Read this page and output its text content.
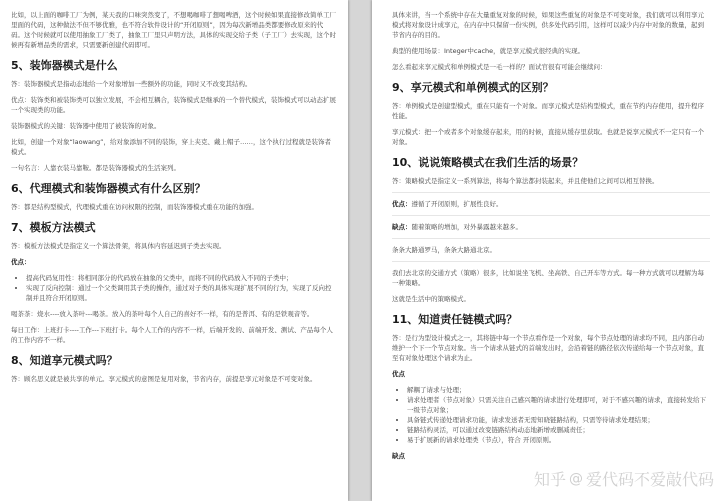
比如，以上面的咖啡工厂为例，某天我的口味突然变了，不想喝咖啡了想喝啤酒，这个时候如果直接修改简单工厂里面的代码，这种做法不但不够优雅，也不符合软件设计的“开闭原则”，因为每次新增品类都要修改原来的代码。这个时候就可以使用抽象工厂类了，抽象工厂里只声明方法，具体的实现交给子类（子工厂）去实现，这个时候再有新增品类的需求，只需要新创建代码即可。

5、装饰器模式是什么

答：装饰器模式是指动态地给一个对象增加一些额外的功能，同时又不改变其结构。

优点：装饰类和被装饰类可以独立发展，不会相互耦合，装饰模式是继承的一个替代模式，装饰模式可以动态扩展一个实现类的功能。

装饰器模式的关键：装饰器中使用了被装饰的对象。

比如，创建一个对象“laowang”，给对象添加不同的装饰，穿上夹克、戴上帽子……，这个执行过程就是装饰者模式。

一句名言：人靠衣装马靠鞍。都是装饰器模式的生活案列。

6、代理模式和装饰器模式有什么区别？

答：都是结构型模式，代理模式重在访问权限的控制，而装饰器模式重在功能的加强。

7、模板方法模式

答：模板方法模式是指定义一个算法骨架，将具体内容延迟到子类去实现。

优点：

• 提高代码复用性：将相同部分的代码放在抽象的父类中，而将不同的代码放入不同的子类中；
• 实现了反向控制：通过一个父类调用其子类的操作，通过对子类的具体实现扩展不同的行为，实现了反向控制并且符合开闭原则。

喝茶茶：烧水----放入茶叶---喝茶。放入的茶叶每个人自己的喜好不一样，有的是普洱、有的是铁观音等。

每日工作：上班打卡----工作---下班打卡。每个人工作的内容不一样，后端开发的、前端开发、测试、产品每个人的工作内容不一样。

8、知道享元模式吗？

答：顾名思义就是被共享的单元。享元模式的意图是复用对象，节省内存，前提是享元对象是不可变对象。

具体来讲，当一个系统中存在大量重复对象的时候，如果这些重复的对象是不可变对象，我们就可以利用享元模式将对象设计成享元，在内存中只保留一份实例，供多处代码引用，这样可以减少内存中对象的数量，起到节省内存的目的。

典型的使用场景：Integer中cache，就是享元模式很经典的实现。

怎么看起来享元模式和单例模式是一毛一样的？面试官很有可能会继续问：

9、享元模式和单例模式的区别？

答：单例模式是创建型模式，重在只能有一个对象。而享元模式是结构型模式，重在节约内存使用，提升程序性能。

享元模式：把一个或者多个对象缓存起来，用的时候，直接从缓存里获取。也就是说享元模式不一定只有一个对象。

10、说说策略模式在我们生活的场景？

答：策略模式是指定义一系列算法，将每个算法都封装起来，并且使他们之间可以相互替换。

优点：遵循了开闭原则，扩展性良好。

缺点：随着策略的增加，对外暴露越来越多。

条条大路通罗马，条条大路通北京。

我们去北京的交通方式（策略）很多，比如说坐飞机、坐高铁、自己开车等方式。每一种方式就可以理解为每一种策略。

这就是生活中的策略模式。

11、知道责任链模式吗？

答：是行为型设计模式之一，其将链中每一个节点看作是一个对象，每个节点处理的请求均不同，且内部自动维护一个下一个节点对象。当一个请求从链式的首端发出时，会沿着链的路径依次传递给每一个节点对象，直至有对象处理这个请求为止。

优点

• 解耦了请求与处理；
• 请求处理者（节点对象）只需关注自己感兴趣的请求进行处理即可，对于不感兴趣的请求，直接转发给下一级节点对象；
• 具备链式传递处理请求功能，请求发送者无需知晓链路结构，只需等待请求处理结果；
• 链路结构灵活，可以通过改变链路结构动态地新增或删减责任；
• 易于扩展新的请求处理类（节点），符合 开闭原则。

缺点

知乎 @ 爱代码不爱敲代码
